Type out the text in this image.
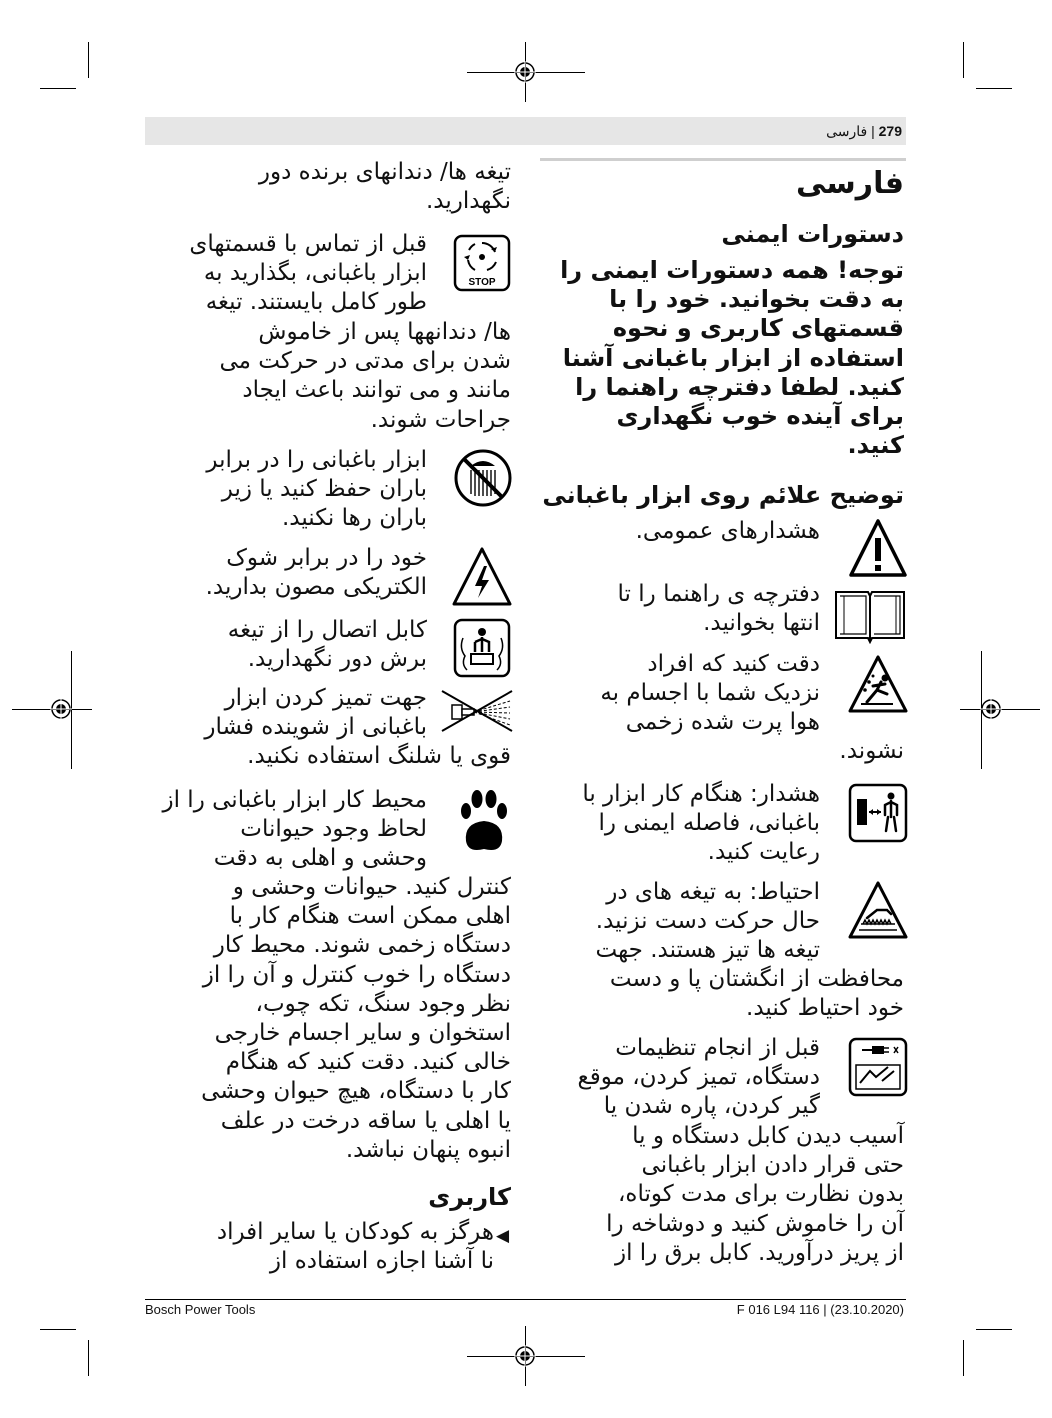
279 | فارسی
فارسی
دستورات ایمنی
توجه! همه دستورات ایمنی را
به دقت بخوانید. خود را با
قسمتهای کاربری و نحوه
استفاده از ابزار باغبانی آشنا
کنید. لطفا دفترچه راهنما را
برای آینده خوب نگهداری
کنید.
توضیح علائم روی ابزار باغبانی
هشدارهای عمومی.
دفترچه ی راهنما را تا
انتها بخوانید.
دقت کنید که افراد
نزدیک شما با اجسام به
هوا پرت شده زخمی
نشوند.
هشدار: هنگام کار ابزار با
باغبانی، فاصله ایمنی را
رعایت کنید.
احتیاط: به تیغه های در
حال حرکت دست نزنید.
تیغه ها تیز هستند. جهت
محافظت از انگشتان پا و دست
خود احتیاط کنید.
قبل از انجام تنظیمات
دستگاه، تمیز کردن، موقع
گیر کردن، پاره شدن یا
آسیب دیدن کابل دستگاه و یا
حتی قرار دادن ابزار باغبانی
بدون نظارت برای مدت کوتاه،
آن را خاموش کنید و دوشاخه را
از پریز درآورید. کابل برق را از
تیغه ها/ دندانهای برنده دور
نگهدارید.
STOP
قبل از تماس با قسمتهای
ابزار باغبانی، بگذارید به
طور کامل بایستند. تیغه
ها/ دندانهها پس از خاموش
شدن برای مدتی در حرکت می
مانند و می توانند باعث ایجاد
جراحات شوند.
ابزار باغبانی را در برابر
باران حفظ کنید یا زیر
باران رها نکنید.
خود را در برابر شوک
الکتریکی مصون بدارید.
کابل اتصال را از تیغه
برش دور نگهدارید.
جهت تمیز کردن ابزار
باغبانی از شوینده فشار
قوی یا شلنگ استفاده نکنید.
محیط کار ابزار باغبانی را از
لحاظ وجود حیوانات
وحشی و اهلی به دقت
کنترل کنید. حیوانات وحشی و
اهلی ممکن است هنگام کار با
دستگاه زخمی شوند. محیط کار
دستگاه را خوب کنترل و آن را از
نظر وجود سنگ، تکه چوب،
استخوان و سایر اجسام خارجی
خالی کنید. دقت کنید که هنگام
کار با دستگاه، هیچ حیوان وحشی
یا اهلی یا ساقه درخت در علف
انبوه پنهان نباشد.
کاربری
◀
هرگز به کودکان یا سایر افراد
نا آشنا اجازه استفاده از
Bosch Power Tools	F 016 L94 116 | (23.10.2020)
